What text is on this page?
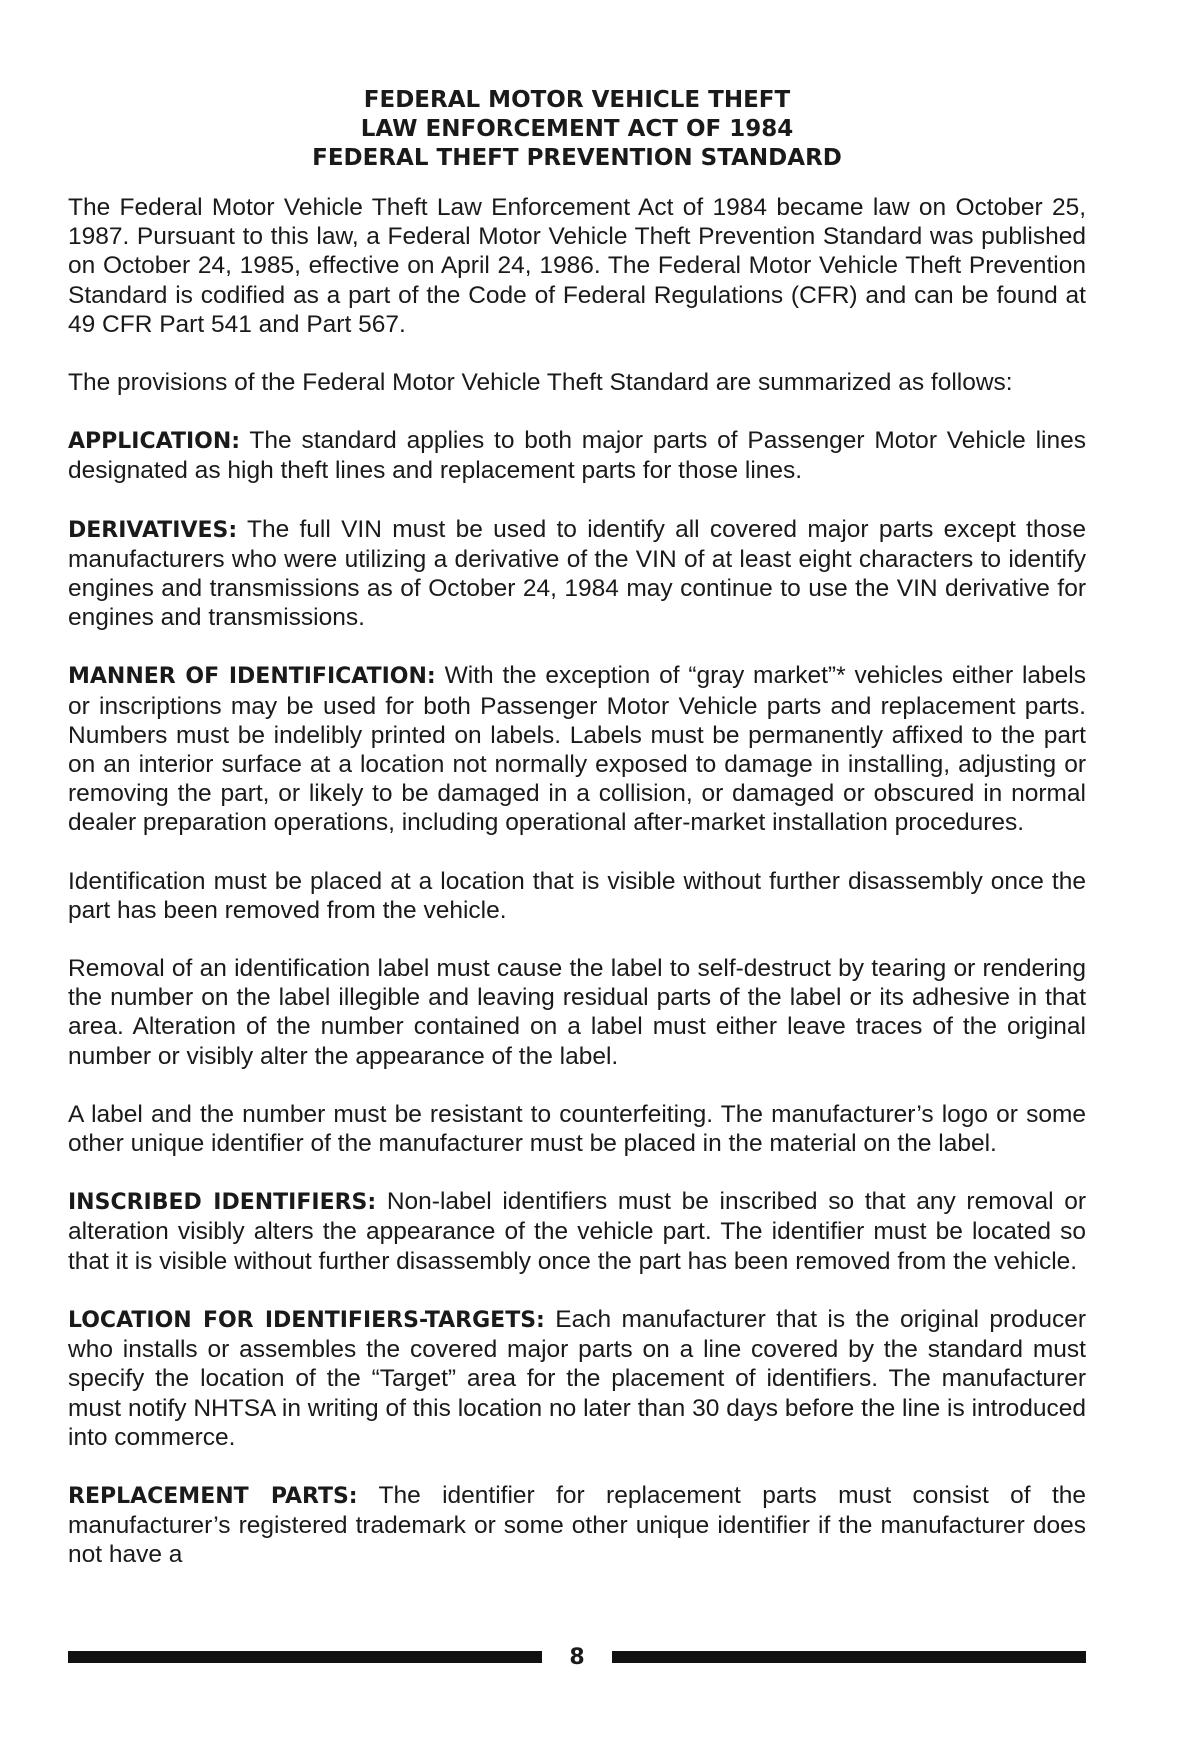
FEDERAL MOTOR VEHICLE THEFT
LAW ENFORCEMENT ACT OF 1984
FEDERAL THEFT PREVENTION STANDARD

The Federal Motor Vehicle Theft Law Enforcement Act of 1984 became law on October 25, 1987. Pursuant to this law, a Federal Motor Vehicle Theft Prevention Standard was published on October 24, 1985, effective on April 24, 1986. The Federal Motor Vehicle Theft Prevention Standard is codified as a part of the Code of Federal Regulations (CFR) and can be found at 49 CFR Part 541 and Part 567.

The provisions of the Federal Motor Vehicle Theft Standard are summarized as follows:

APPLICATION: The standard applies to both major parts of Passenger Motor Vehicle lines designated as high theft lines and replacement parts for those lines.

DERIVATIVES: The full VIN must be used to identify all covered major parts except those manufacturers who were utilizing a derivative of the VIN of at least eight characters to identify engines and transmissions as of October 24, 1984 may continue to use the VIN derivative for engines and transmissions.

MANNER OF IDENTIFICATION: With the exception of “gray market”* vehicles either labels or inscriptions may be used for both Passenger Motor Vehicle parts and replacement parts. Numbers must be indelibly printed on labels. Labels must be permanently affixed to the part on an interior surface at a location not normally exposed to damage in installing, adjusting or removing the part, or likely to be damaged in a collision, or damaged or obscured in normal dealer preparation operations, including operational after-market installation procedures.

Identification must be placed at a location that is visible without further disassembly once the part has been removed from the vehicle.

Removal of an identification label must cause the label to self-destruct by tearing or rendering the number on the label illegible and leaving residual parts of the label or its adhesive in that area. Alteration of the number contained on a label must either leave traces of the original number or visibly alter the appearance of the label.

A label and the number must be resistant to counterfeiting. The manufacturer’s logo or some other unique identifier of the manufacturer must be placed in the material on the label.

INSCRIBED IDENTIFIERS: Non-label identifiers must be inscribed so that any removal or alteration visibly alters the appearance of the vehicle part. The identifier must be located so that it is visible without further disassembly once the part has been removed from the vehicle.

LOCATION FOR IDENTIFIERS-TARGETS: Each manufacturer that is the original producer who installs or assembles the covered major parts on a line covered by the standard must specify the location of the “Target” area for the placement of identifiers. The manufacturer must notify NHTSA in writing of this location no later than 30 days before the line is introduced into commerce.

REPLACEMENT PARTS: The identifier for replacement parts must consist of the manufacturer’s registered trademark or some other unique identifier if the manufacturer does not have a

8
